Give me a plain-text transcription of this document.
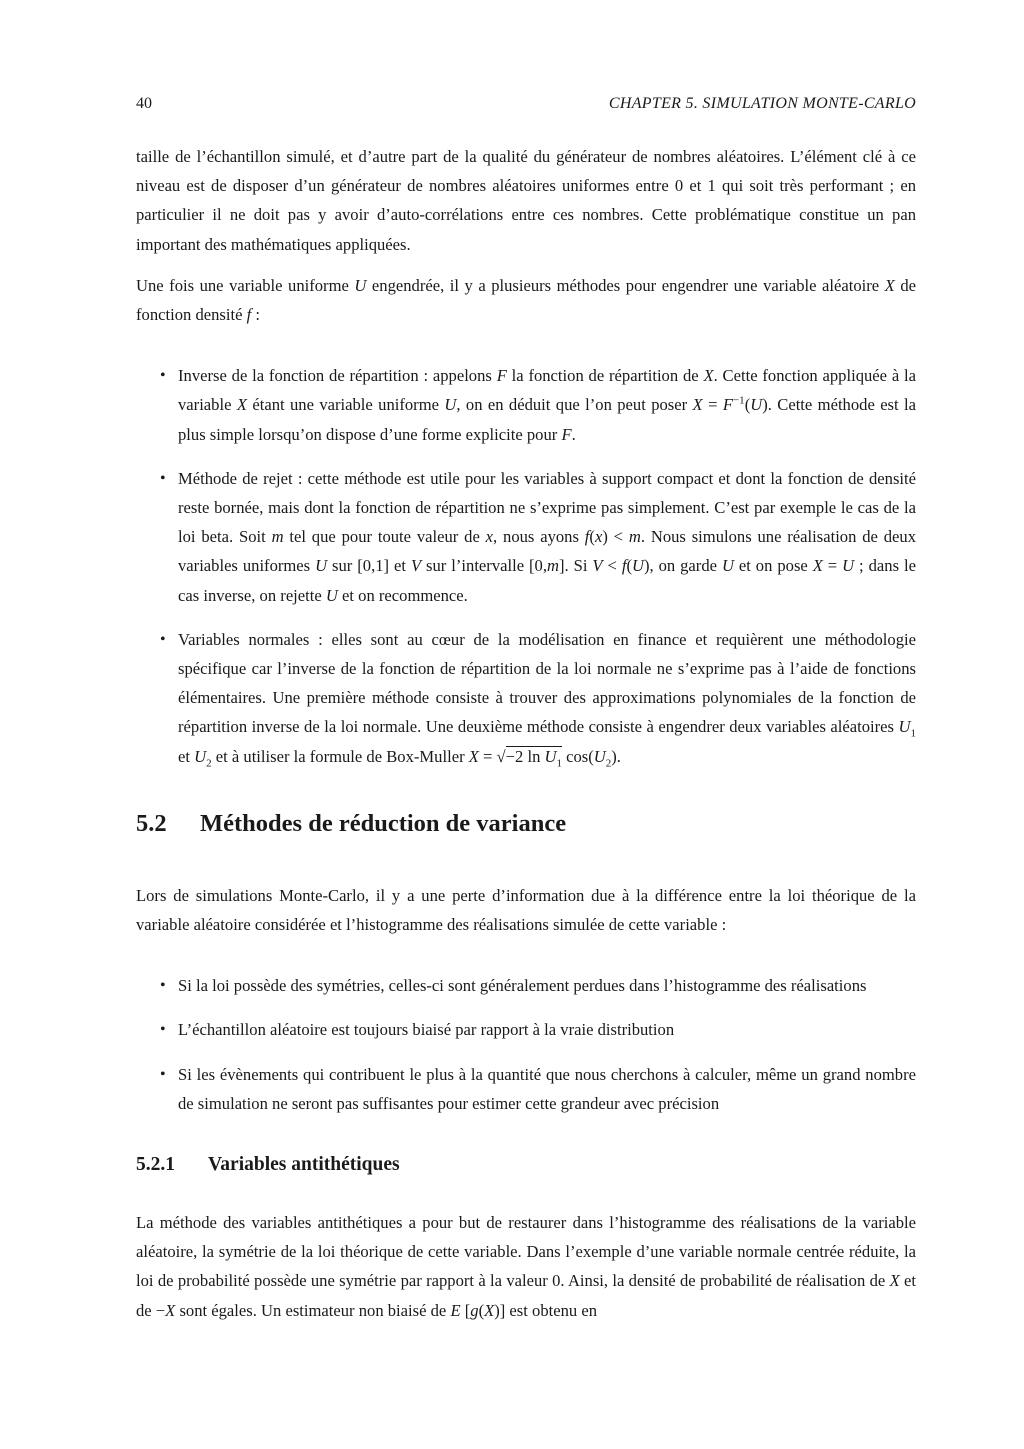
40	CHAPTER 5. SIMULATION MONTE-CARLO

taille de l’échantillon simulé, et d’autre part de la qualité du générateur de nombres aléatoires. L’élément clé à ce niveau est de disposer d’un générateur de nombres aléatoires uniformes entre 0 et 1 qui soit très performant ; en particulier il ne doit pas y avoir d’auto-corrélations entre ces nombres. Cette problématique constitue un pan important des mathématiques appliquées.

Une fois une variable uniforme U engendrée, il y a plusieurs méthodes pour engendrer une variable aléatoire X de fonction densité f :

• Inverse de la fonction de répartition : appelons F la fonction de répartition de X. Cette fonction appliquée à la variable X étant une variable uniforme U, on en déduit que l’on peut poser $X = F^{-1}(U)$. Cette méthode est la plus simple lorsqu’on dispose d’une forme explicite pour F.
• Méthode de rejet : cette méthode est utile pour les variables à support compact et dont la fonction de densité reste bornée, mais dont la fonction de répartition ne s’exprime pas simplement. C’est par exemple le cas de la loi beta. Soit m tel que pour toute valeur de x, nous ayons f(x) < m. Nous simulons une réalisation de deux variables uniformes U sur [0,1] et V sur l’intervalle [0,m]. Si V < f(U), on garde U et on pose X = U ; dans le cas inverse, on rejette U et on recommence.
• Variables normales : elles sont au cœur de la modélisation en finance et requièrent une méthodologie spécifique car l’inverse de la fonction de répartition de la loi normale ne s’exprime pas à l’aide de fonctions élémentaires. Une première méthode consiste à trouver des approximations polynomiales de la fonction de répartition inverse de la loi normale. Une deuxième méthode consiste à engendrer deux variables aléatoires $U_1$ et $U_2$ et à utiliser la formule de Box-Muller X = √−2 $\ln U_1$ $\cos(U_2)$.
5.2 Méthodes de réduction de variance

Lors de simulations Monte-Carlo, il y a une perte d’information due à la différence entre la loi théorique de la variable aléatoire considérée et l’histogramme des réalisations simulée de cette variable :

• Si la loi possède des symétries, celles-ci sont généralement perdues dans l’histogramme des réalisations
• L’échantillon aléatoire est toujours biaisé par rapport à la vraie distribution
• Si les évènements qui contribuent le plus à la quantité que nous cherchons à calculer, même un grand nombre de simulation ne seront pas suffisantes pour estimer cette grandeur avec précision
5.2.1 Variables antithétiques

La méthode des variables antithétiques a pour but de restaurer dans l’histogramme des réalisations de la variable aléatoire, la symétrie de la loi théorique de cette variable. Dans l’exemple d’une variable normale centrée réduite, la loi de probabilité possède une symétrie par rapport à la valeur 0. Ainsi, la densité de probabilité de réalisation de X et de −X sont égales. Un estimateur non biaisé de E [g(X)] est obtenu en
